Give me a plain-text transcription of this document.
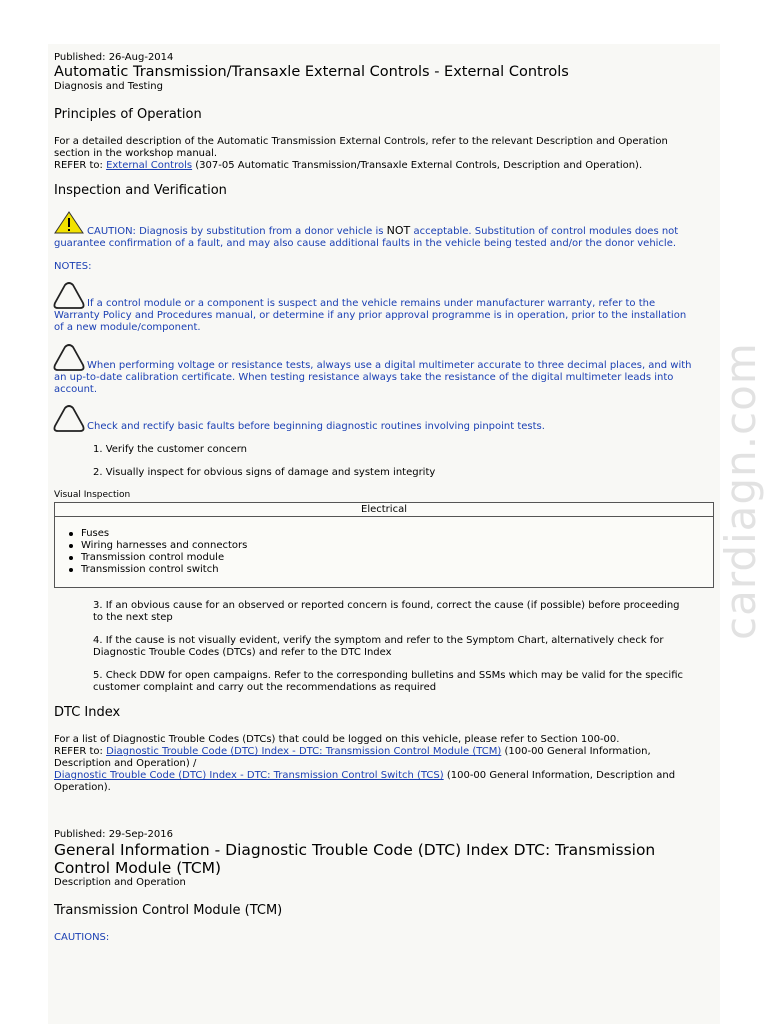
Published: 26-Aug-2014
Automatic Transmission/Transaxle External Controls - External Controls
Diagnosis and Testing
Principles of Operation
For a detailed description of the Automatic Transmission External Controls, refer to the relevant Description and Operation
section in the workshop manual.
REFER to: External Controls (307-05 Automatic Transmission/Transaxle External Controls, Description and Operation).
Inspection and Verification
CAUTION: Diagnosis by substitution from a donor vehicle is NOT acceptable. Substitution of control modules does not
guarantee confirmation of a fault, and may also cause additional faults in the vehicle being tested and/or the donor vehicle.
NOTES:
If a control module or a component is suspect and the vehicle remains under manufacturer warranty, refer to the
Warranty Policy and Procedures manual, or determine if any prior approval programme is in operation, prior to the installation
of a new module/component.
When performing voltage or resistance tests, always use a digital multimeter accurate to three decimal places, and with
an up-to-date calibration certificate. When testing resistance always take the resistance of the digital multimeter leads into
account.
Check and rectify basic faults before beginning diagnostic routines involving pinpoint tests.
1. Verify the customer concern
2. Visually inspect for obvious signs of damage and system integrity
Visual Inspection
Electrical
Fuses
Wiring harnesses and connectors
Transmission control module
Transmission control switch
3. If an obvious cause for an observed or reported concern is found, correct the cause (if possible) before proceeding
to the next step
4. If the cause is not visually evident, verify the symptom and refer to the Symptom Chart, alternatively check for
Diagnostic Trouble Codes (DTCs) and refer to the DTC Index
5. Check DDW for open campaigns. Refer to the corresponding bulletins and SSMs which may be valid for the specific
customer complaint and carry out the recommendations as required
DTC Index
For a list of Diagnostic Trouble Codes (DTCs) that could be logged on this vehicle, please refer to Section 100-00.
REFER to: Diagnostic Trouble Code (DTC) Index - DTC: Transmission Control Module (TCM) (100-00 General Information,
Description and Operation) /
Diagnostic Trouble Code (DTC) Index - DTC: Transmission Control Switch (TCS) (100-00 General Information, Description and
Operation).
Published: 29-Sep-2016
General Information - Diagnostic Trouble Code (DTC) Index DTC: Transmission
Control Module (TCM)
Description and Operation
Transmission Control Module (TCM)
CAUTIONS:
cardiagn.com
